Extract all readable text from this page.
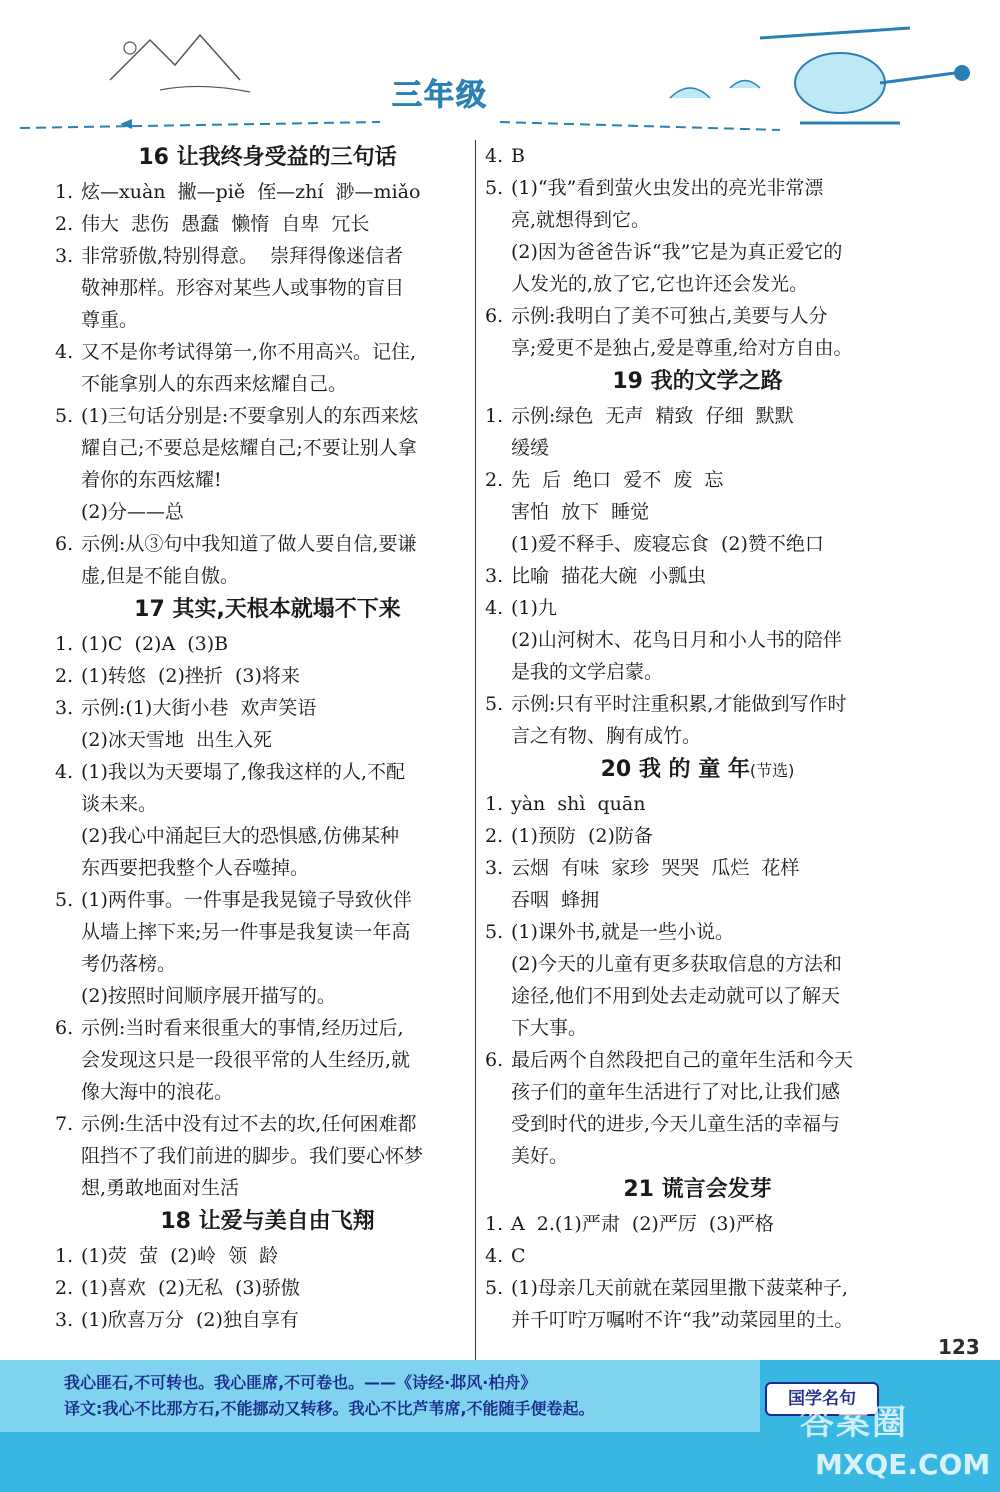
三年级
16 让我终身受益的三句话
1. 炫—xuàn  撇—piě  侄—zhí  渺—miǎo
2. 伟大  悲伤  愚蠢  懒惰  自卑  冗长
3. 非常骄傲,特别得意。  崇拜得像迷信者
敬神那样。形容对某些人或事物的盲目
尊重。
4. 又不是你考试得第一,你不用高兴。记住,
不能拿别人的东西来炫耀自己。
5. (1)三句话分别是:不要拿别人的东西来炫
耀自己;不要总是炫耀自己;不要让别人拿
着你的东西炫耀!
(2)分——总
6. 示例:从③句中我知道了做人要自信,要谦
虚,但是不能自傲。
17 其实,天根本就塌不下来
1. (1)C  (2)A  (3)B
2. (1)转悠  (2)挫折  (3)将来
3. 示例:(1)大街小巷  欢声笑语
(2)冰天雪地  出生入死
4. (1)我以为天要塌了,像我这样的人,不配
谈未来。
(2)我心中涌起巨大的恐惧感,仿佛某种
东西要把我整个人吞噬掉。
5. (1)两件事。一件事是我晃镜子导致伙伴
从墙上摔下来;另一件事是我复读一年高
考仍落榜。
(2)按照时间顺序展开描写的。
6. 示例:当时看来很重大的事情,经历过后,
会发现这只是一段很平常的人生经历,就
像大海中的浪花。
7. 示例:生活中没有过不去的坎,任何困难都
阻挡不了我们前进的脚步。我们要心怀梦
想,勇敢地面对生活
18 让爱与美自由飞翔
1. (1)荧  萤  (2)岭  领  龄
2. (1)喜欢  (2)无私  (3)骄傲
3. (1)欣喜万分  (2)独自享有
4. B
5. (1)“我”看到萤火虫发出的亮光非常漂
亮,就想得到它。
(2)因为爸爸告诉“我”它是为真正爱它的
人发光的,放了它,它也许还会发光。
6. 示例:我明白了美不可独占,美要与人分
享;爱更不是独占,爱是尊重,给对方自由。
19 我的文学之路
1. 示例:绿色  无声  精致  仔细  默默
缓缓
2. 先  后  绝口  爱不  废  忘
害怕  放下  睡觉
(1)爱不释手、废寝忘食  (2)赞不绝口
3. 比喻  描花大碗  小瓢虫
4. (1)九
(2)山河树木、花鸟日月和小人书的陪伴
是我的文学启蒙。
5. 示例:只有平时注重积累,才能做到写作时
言之有物、胸有成竹。
20 我 的 童 年(节选)
1. yàn  shì  quān
2. (1)预防  (2)防备
3. 云烟  有味  家珍  哭哭  瓜烂  花样
吞咽  蜂拥
5. (1)课外书,就是一些小说。
(2)今天的儿童有更多获取信息的方法和
途径,他们不用到处去走动就可以了解天
下大事。
6. 最后两个自然段把自己的童年生活和今天
孩子们的童年生活进行了对比,让我们感
受到时代的进步,今天儿童生活的幸福与
美好。
21 谎言会发芽
1. A  2.(1)严肃  (2)严厉  (3)严格
4. C
5. (1)母亲几天前就在菜园里撒下菠菜种子,
并千叮咛万嘱咐不许“我”动菜园里的土。
123
我心匪石,不可转也。我心匪席,不可卷也。——《诗经·邶风·柏舟》
译文:我心不比那方石,不能挪动又转移。我心不比芦苇席,不能随手便卷起。	国学名句
答案圈
MXQE.COM
